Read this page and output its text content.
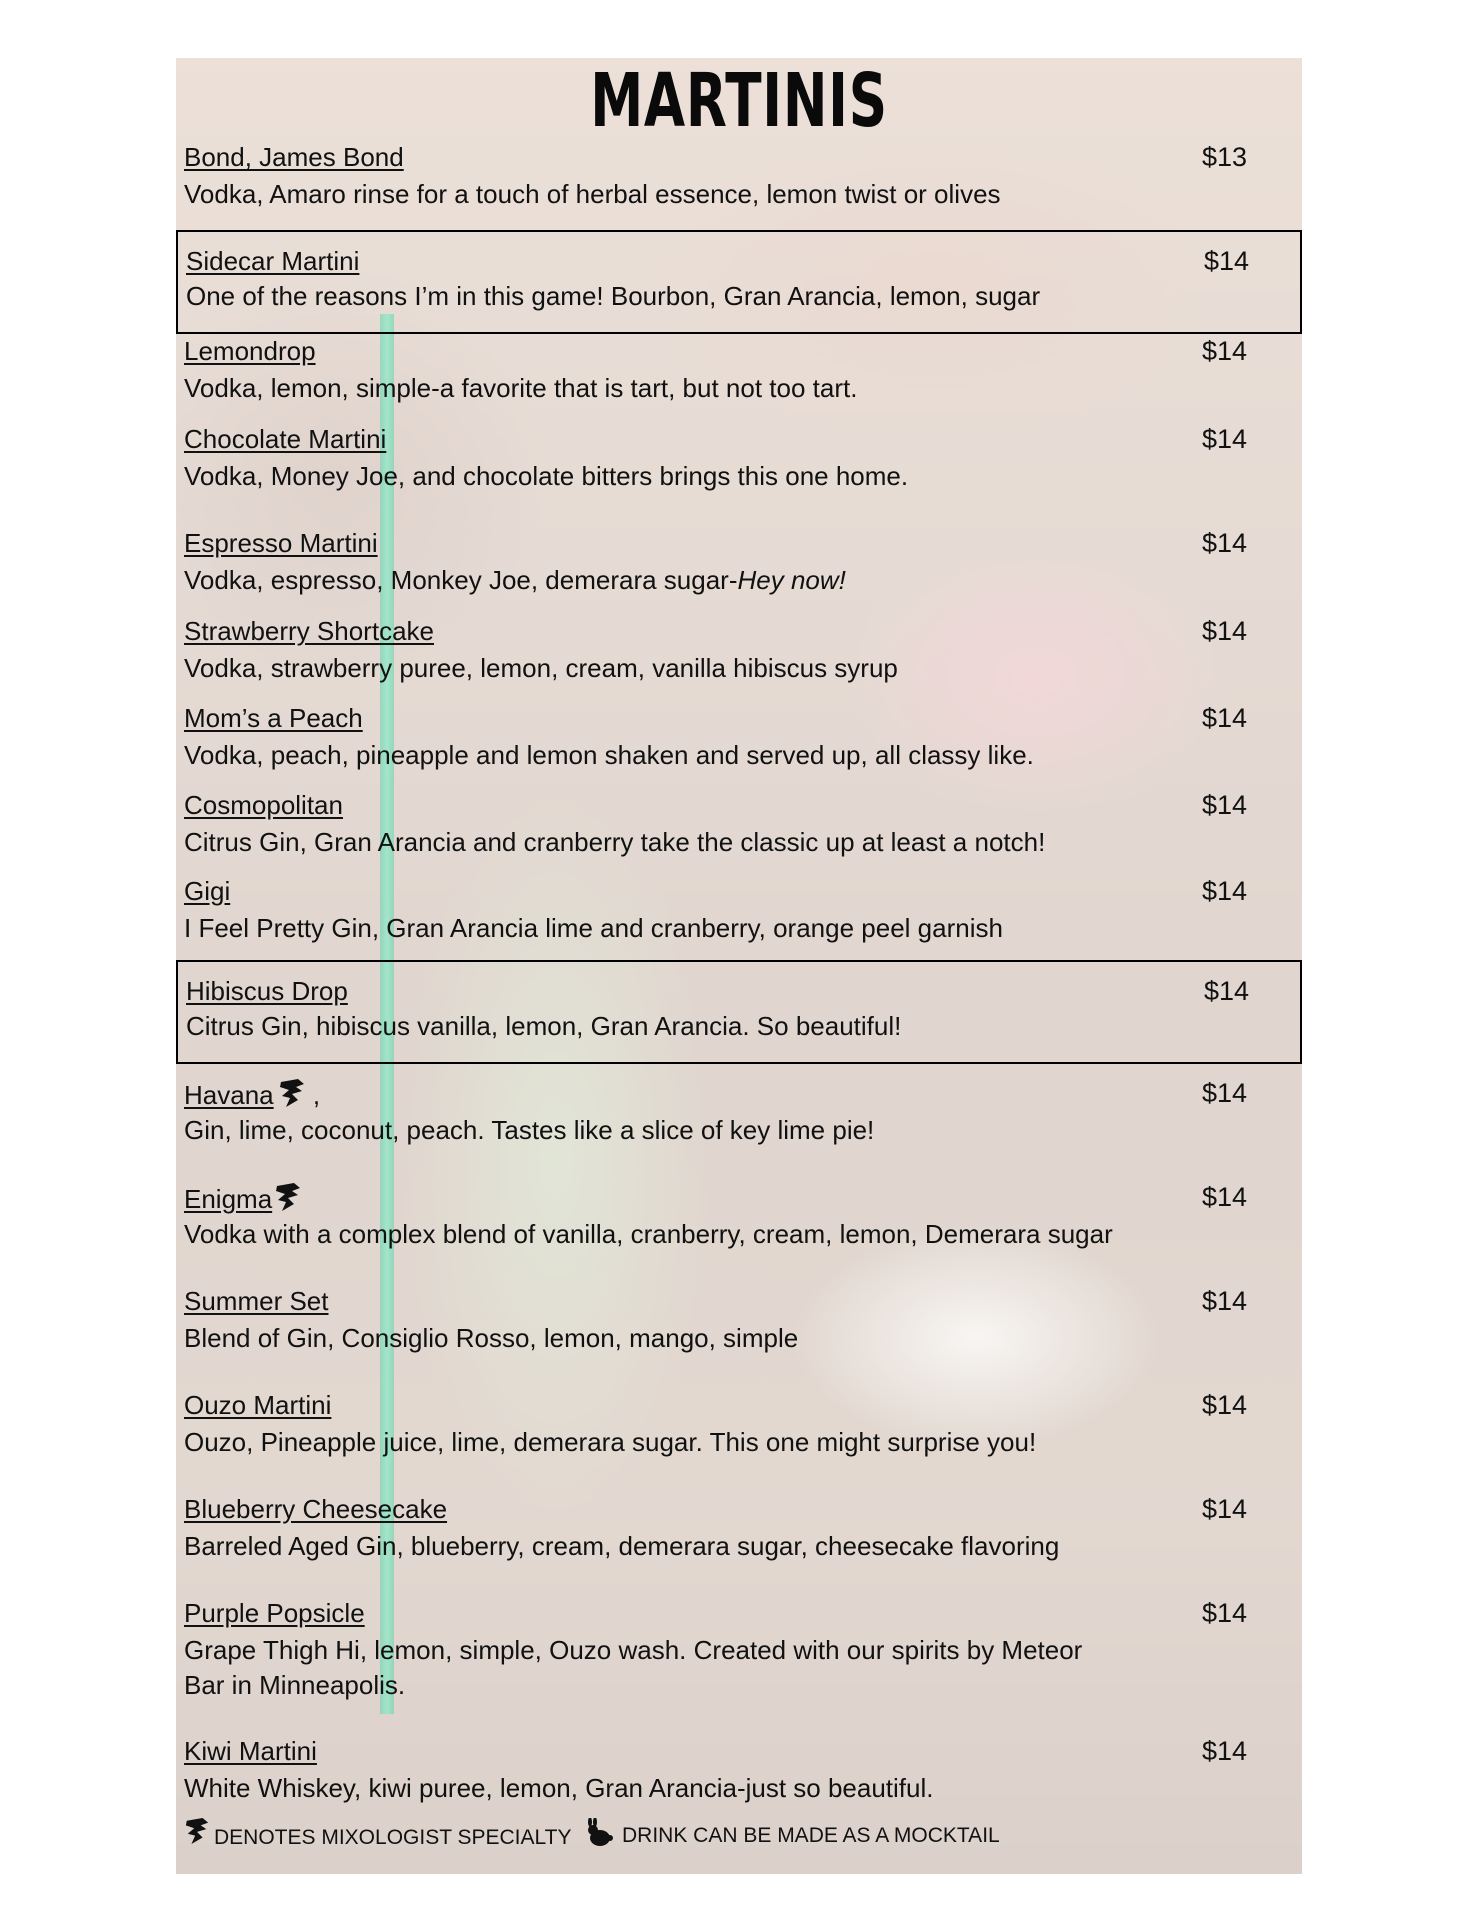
MARTINIS
Bond, James Bond	$13
Vodka, Amaro rinse for a touch of herbal essence, lemon twist or olives
Sidecar Martini	$14
One of the reasons I’m in this game! Bourbon, Gran Arancia, lemon, sugar
Lemondrop	$14
Vodka, lemon, simple-a favorite that is tart, but not too tart.
Chocolate Martini	$14
Vodka, Money Joe, and chocolate bitters brings this one home.
Espresso Martini	$14
Vodka, espresso, Monkey Joe, demerara sugar-Hey now!
Strawberry Shortcake	$14
Vodka, strawberry puree, lemon, cream, vanilla hibiscus syrup
Mom’s a Peach	$14
Vodka, peach, pineapple and lemon shaken and served up, all classy like.
Cosmopolitan	$14
Citrus Gin, Gran Arancia and cranberry take the classic up at least a notch!
Gigi	$14
I Feel Pretty Gin, Gran Arancia lime and cranberry, orange peel garnish
Hibiscus Drop	$14
Citrus Gin, hibiscus vanilla, lemon, Gran Arancia. So beautiful!
Havana ,	$14
Gin, lime, coconut, peach. Tastes like a slice of key lime pie!
Enigma	$14
Vodka with a complex blend of vanilla, cranberry, cream, lemon, Demerara sugar
Summer Set	$14
Blend of Gin, Consiglio Rosso, lemon, mango, simple
Ouzo Martini	$14
Ouzo, Pineapple juice, lime, demerara sugar. This one might surprise you!
Blueberry Cheesecake	$14
Barreled Aged Gin, blueberry, cream, demerara sugar, cheesecake flavoring
Purple Popsicle	$14
Grape Thigh Hi, lemon, simple, Ouzo wash. Created with our spirits by Meteor Bar in Minneapolis.
Kiwi Martini	$14
White Whiskey, kiwi puree, lemon, Gran Arancia-just so beautiful.
DENOTES MIXOLOGIST SPECIALTY DRINK CAN BE MADE AS A MOCKTAIL
